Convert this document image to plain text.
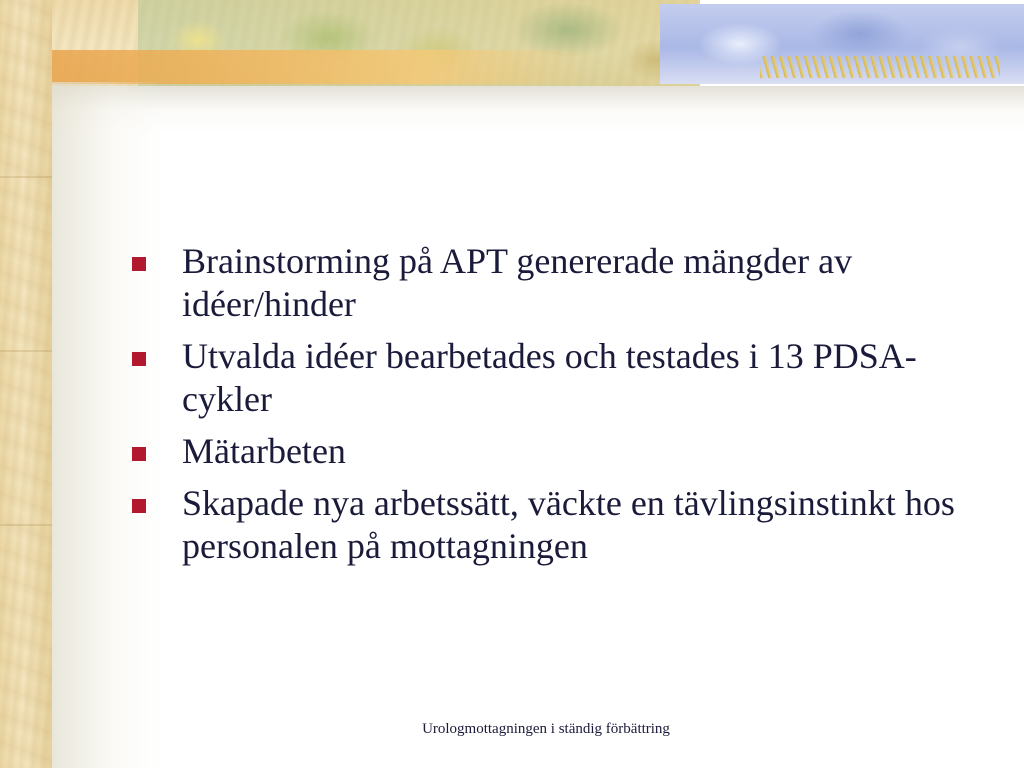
Brainstorming på APT genererade mängder av idéer/hinder
Utvalda idéer bearbetades och testades i 13 PDSA-cykler
Mätarbeten
Skapade nya arbetssätt, väckte en tävlingsinstinkt hos personalen på mottagningen
Urologmottagningen i ständig förbättring
